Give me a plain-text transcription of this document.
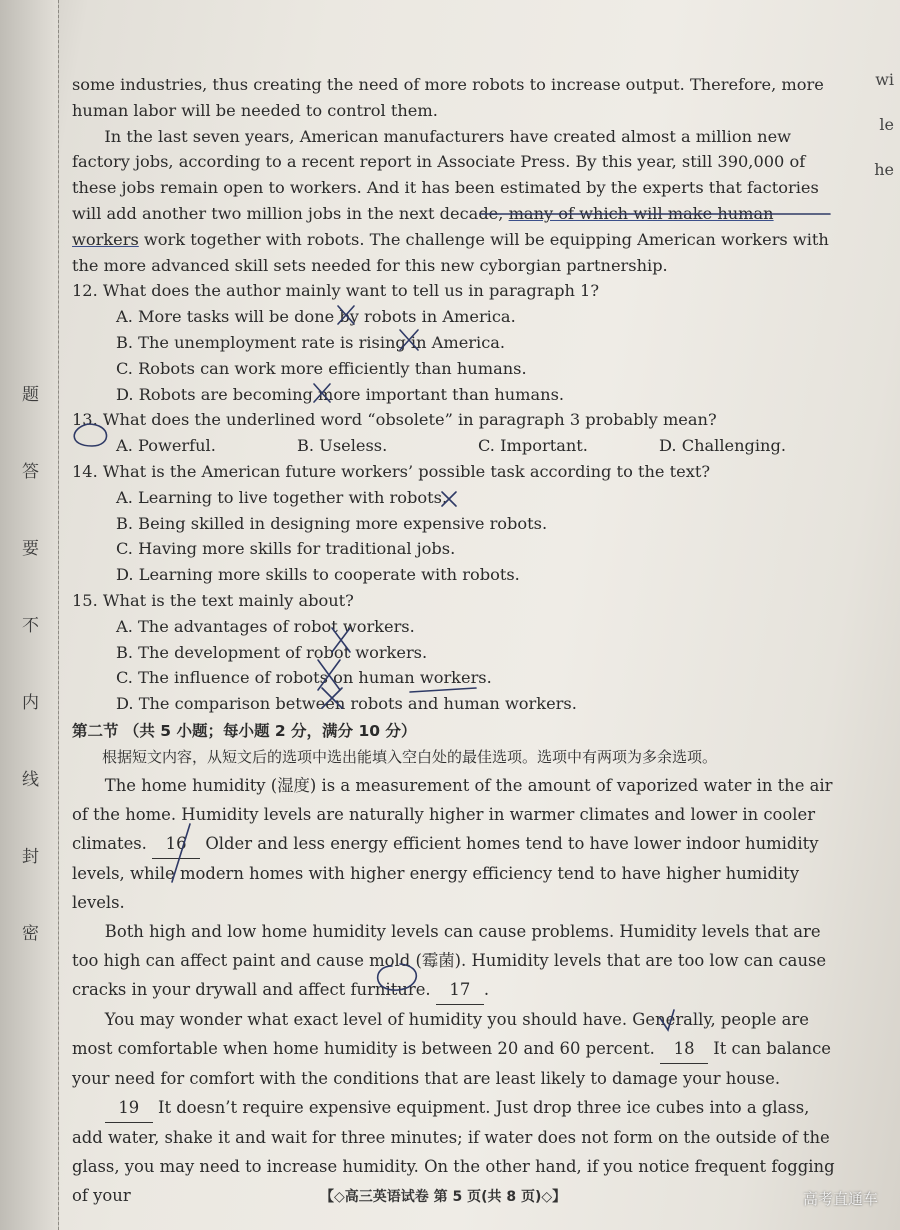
题
答
要
不
内
线
封
密
wi
le
he

some industries, thus creating the need of more robots to increase output. Therefore, more human labor will be needed to control them.

In the last seven years, American manufacturers have created almost a million new factory jobs, according to a recent report in Associate Press. By this year, still 390,000 of these jobs remain open to workers. And it has been estimated by the experts that factories will add another two million jobs in the next decade, many of which will make human workers work together with robots. The challenge will be equipping American workers with the more advanced skill sets needed for this new cyborgian partnership.

12. What does the author mainly want to tell us in paragraph 1?

A. More tasks will be done by robots in America.

B. The unemployment rate is rising in America.

C. Robots can work more efficiently than humans.

D. Robots are becoming more important than humans.

13. What does the underlined word “obsolete” in paragraph 3 probably mean?

A. Powerful.	B. Useless.	C. Important.	D. Challenging.

14. What is the American future workers’ possible task according to the text?

A. Learning to live together with robots.

B. Being skilled in designing more expensive robots.

C. Having more skills for traditional jobs.

D. Learning more skills to cooperate with robots.

15. What is the text mainly about?

A. The advantages of robot workers.

B. The development of robot workers.

C. The influence of robots on human workers.

D. The comparison between robots and human workers.

第二节 （共 5 小题；每小题 2 分，满分 10 分）

根据短文内容，从短文后的选项中选出能填入空白处的最佳选项。选项中有两项为多余选项。

The home humidity (湿度) is a measurement of the amount of vaporized water in the air of the home. Humidity levels are naturally higher in warmer climates and lower in cooler climates. 16 Older and less energy efficient homes tend to have lower indoor humidity levels, while modern homes with higher energy efficiency tend to have higher humidity levels.

Both high and low home humidity levels can cause problems. Humidity levels that are too high can affect paint and cause mold (霉菌). Humidity levels that are too low can cause cracks in your drywall and affect furniture. 17 .

You may wonder what exact level of humidity you should have. Generally, people are most comfortable when home humidity is between 20 and 60 percent. 18 It can balance your need for comfort with the conditions that are least likely to damage your house.

19 It doesn’t require expensive equipment. Just drop three ice cubes into a glass, add water, shake it and wait for three minutes; if water does not form on the outside of the glass, you may need to increase humidity. On the other hand, if you notice frequent fogging of your	【◇高三英语试卷 第 5 页(共 8 页)◇】	高考直通车
